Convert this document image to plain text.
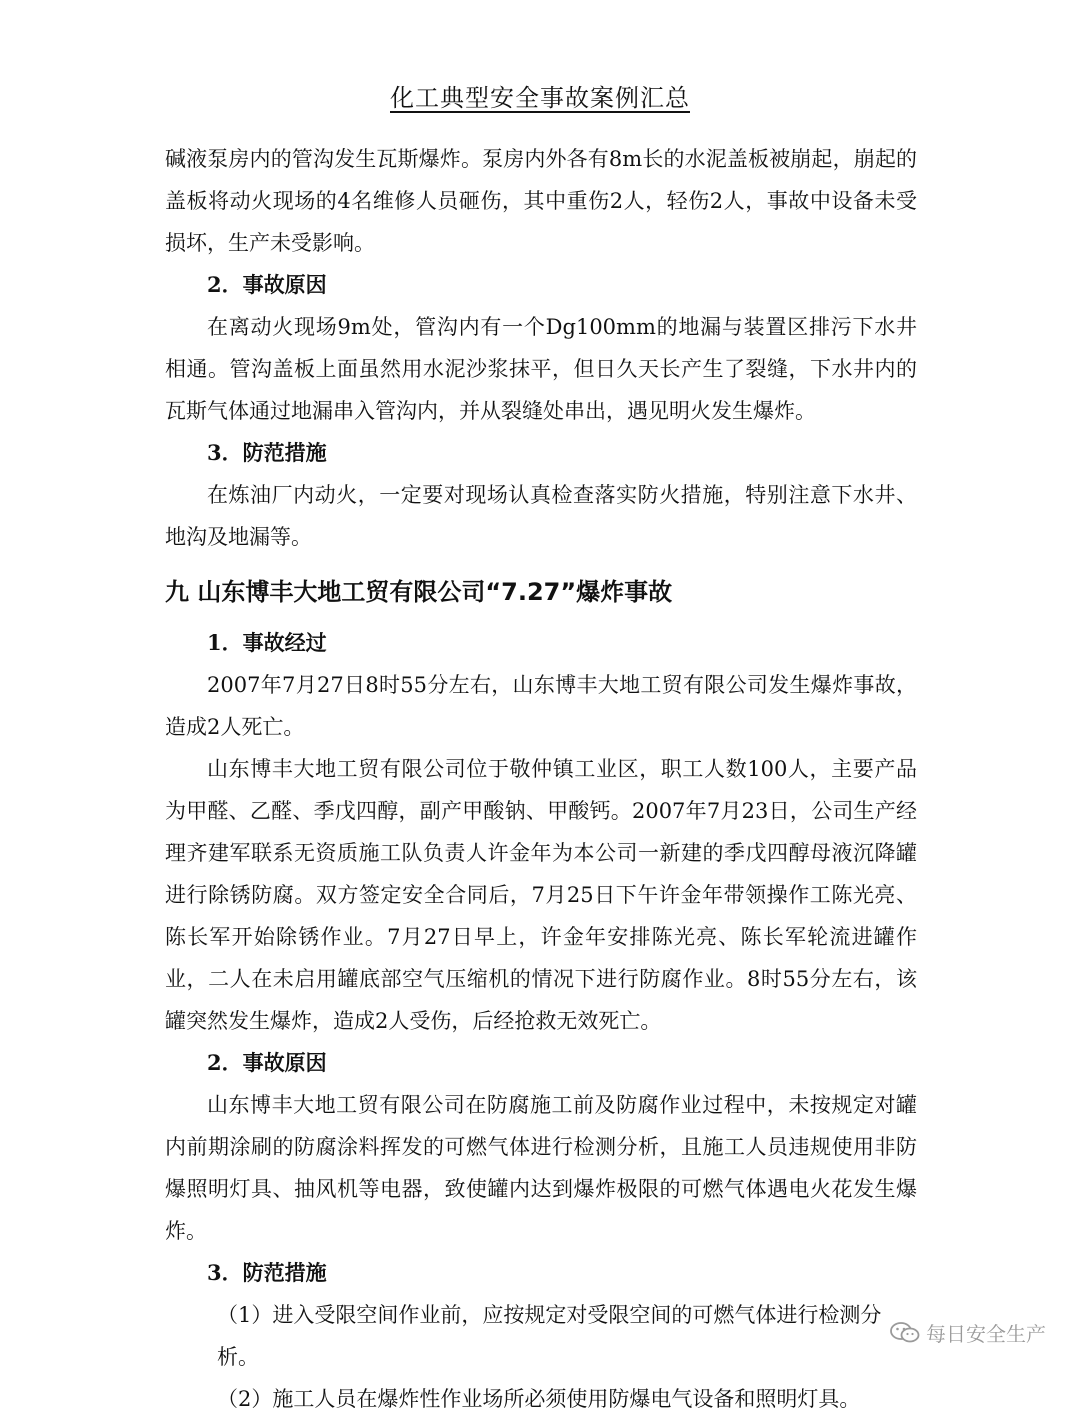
化工典型安全事故案例汇总

碱液泵房内的管沟发生瓦斯爆炸。泵房内外各有8m长的水泥盖板被崩起，崩起的盖板将动火现场的4名维修人员砸伤，其中重伤2人，轻伤2人，事故中设备未受损坏，生产未受影响。

2．事故原因

在离动火现场9m处，管沟内有一个Dg100mm的地漏与装置区排污下水井相通。管沟盖板上面虽然用水泥沙浆抹平，但日久天长产生了裂缝，下水井内的瓦斯气体通过地漏串入管沟内，并从裂缝处串出，遇见明火发生爆炸。

3．防范措施

在炼油厂内动火，一定要对现场认真检查落实防火措施，特别注意下水井、地沟及地漏等。

九 山东博丰大地工贸有限公司“7.27”爆炸事故

1．事故经过

2007年7月27日8时55分左右，山东博丰大地工贸有限公司发生爆炸事故，造成2人死亡。

山东博丰大地工贸有限公司位于敬仲镇工业区，职工人数100人，主要产品为甲醛、乙醛、季戊四醇，副产甲酸钠、甲酸钙。2007年7月23日，公司生产经理齐建军联系无资质施工队负责人许金年为本公司一新建的季戊四醇母液沉降罐进行除锈防腐。双方签定安全合同后，7月25日下午许金年带领操作工陈光亮、陈长军开始除锈作业。7月27日早上，许金年安排陈光亮、陈长军轮流进罐作业，二人在未启用罐底部空气压缩机的情况下进行防腐作业。8时55分左右，该罐突然发生爆炸，造成2人受伤，后经抢救无效死亡。

2．事故原因

山东博丰大地工贸有限公司在防腐施工前及防腐作业过程中，未按规定对罐内前期涂刷的防腐涂料挥发的可燃气体进行检测分析，且施工人员违规使用非防爆照明灯具、抽风机等电器，致使罐内达到爆炸极限的可燃气体遇电火花发生爆炸。

3．防范措施

（1）进入受限空间作业前，应按规定对受限空间的可燃气体进行检测分析。

（2）施工人员在爆炸性作业场所必须使用防爆电气设备和照明灯具。

每日安全生产
